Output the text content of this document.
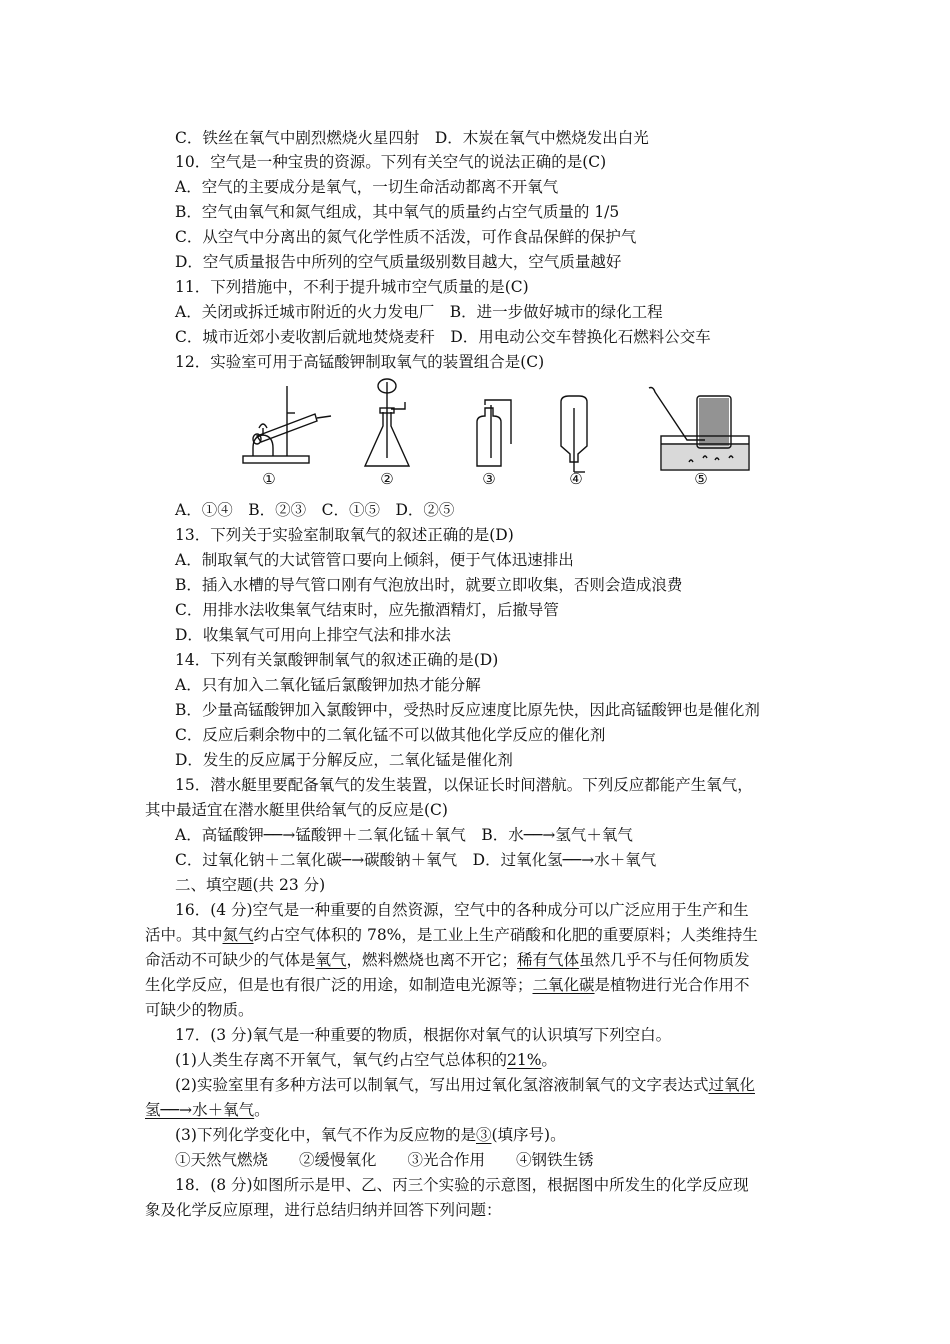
C．铁丝在氧气中剧烈燃烧火星四射　D．木炭在氧气中燃烧发出白光
10．空气是一种宝贵的资源。下列有关空气的说法正确的是(C)
A．空气的主要成分是氧气，一切生命活动都离不开氧气
B．空气由氧气和氮气组成，其中氧气的质量约占空气质量的 1/5
C．从空气中分离出的氮气化学性质不活泼，可作食品保鲜的保护气
D．空气质量报告中所列的空气质量级别数目越大，空气质量越好
11．下列措施中，不利于提升城市空气质量的是(C)
A．关闭或拆迁城市附近的火力发电厂　B．进一步做好城市的绿化工程
C．城市近郊小麦收割后就地焚烧麦秆　D．用电动公交车替换化石燃料公交车
12．实验室可用于高锰酸钾制取氧气的装置组合是(C)
①	②	③	④	⑤
A．①④　B．②③　C．①⑤　D．②⑤
13．下列关于实验室制取氧气的叙述正确的是(D)
A．制取氧气的大试管管口要向上倾斜，便于气体迅速排出
B．插入水槽的导气管口刚有气泡放出时，就要立即收集，否则会造成浪费
C．用排水法收集氧气结束时，应先撤酒精灯，后撤导管
D．收集氧气可用向上排空气法和排水法
14．下列有关氯酸钾制氧气的叙述正确的是(D)
A．只有加入二氧化锰后氯酸钾加热才能分解
B．少量高锰酸钾加入氯酸钾中，受热时反应速度比原先快，因此高锰酸钾也是催化剂
C．反应后剩余物中的二氧化锰不可以做其他化学反应的催化剂
D．发生的反应属于分解反应，二氧化锰是催化剂
15．潜水艇里要配备氧气的发生装置，以保证长时间潜航。下列反应都能产生氧气，
其中最适宜在潜水艇里供给氧气的反应是(C)
A．高锰酸钾──→锰酸钾＋二氧化锰＋氧气　B．水──→氢气＋氧气
C．过氧化钠＋二氧化碳─→碳酸钠＋氧气　D．过氧化氢──→水＋氧气
二、填空题(共 23 分)
16．(4 分)空气是一种重要的自然资源，空气中的各种成分可以广泛应用于生产和生
活中。其中氮气约占空气体积的 78%，是工业上生产硝酸和化肥的重要原料；人类维持生
命活动不可缺少的气体是氧气，燃料燃烧也离不开它；稀有气体虽然几乎不与任何物质发
生化学反应，但是也有很广泛的用途，如制造电光源等；二氧化碳是植物进行光合作用不
可缺少的物质。
17．(3 分)氧气是一种重要的物质，根据你对氧气的认识填写下列空白。
(1)人类生存离不开氧气，氧气约占空气总体积的21%。
(2)实验室里有多种方法可以制氧气，写出用过氧化氢溶液制氧气的文字表达式过氧化
氢──→水＋氧气。
(3)下列化学变化中，氧气不作为反应物的是③(填序号)。
①天然气燃烧　　②缓慢氧化　　③光合作用　　④钢铁生锈
18．(8 分)如图所示是甲、乙、丙三个实验的示意图，根据图中所发生的化学反应现
象及化学反应原理，进行总结归纳并回答下列问题：
